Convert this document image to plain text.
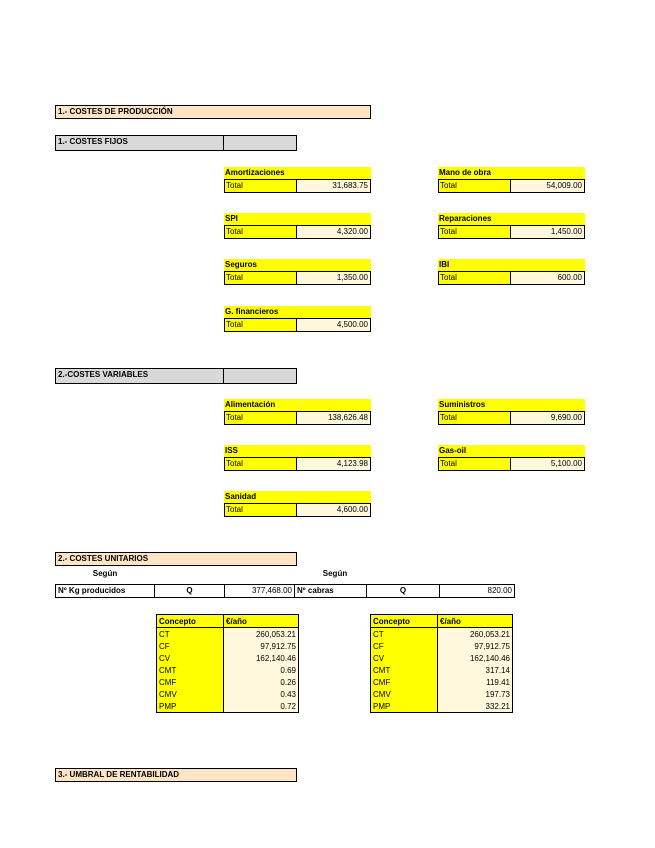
1.- COSTES DE PRODUCCIÓN
1.- COSTES FIJOS
Amortizaciones
Total	31,683.75
Mano de obra
Total	54,009.00
SPI
Total	4,320.00
Reparaciones
Total	1,450.00
Seguros
Total	1,350.00
IBI
Total	600.00
G. financieros
Total	4,500.00
2.-COSTES VARIABLES
Alimentación
Total	138,626.48
Suministros
Total	9,690.00
ISS
Total	4,123.98
Gas-oil
Total	5,100.00
Sanidad
Total	4,600.00
2.- COSTES UNITARIOS
Según	Según
Nº Kg producidos	Q	377,468.00 Nº cabras	Q	820.00
Concepto	€/año
CT	260,053.21
CF	97,912.75
CV	162,140.46
CMT	0.69
CMF	0.26
CMV	0.43
PMP	0.72
Concepto	€/año
CT	260,053.21
CF	97,912.75
CV	162,140.46
CMT	317.14
CMF	119.41
CMV	197.73
PMP	332.21
3.- UMBRAL DE RENTABILIDAD
